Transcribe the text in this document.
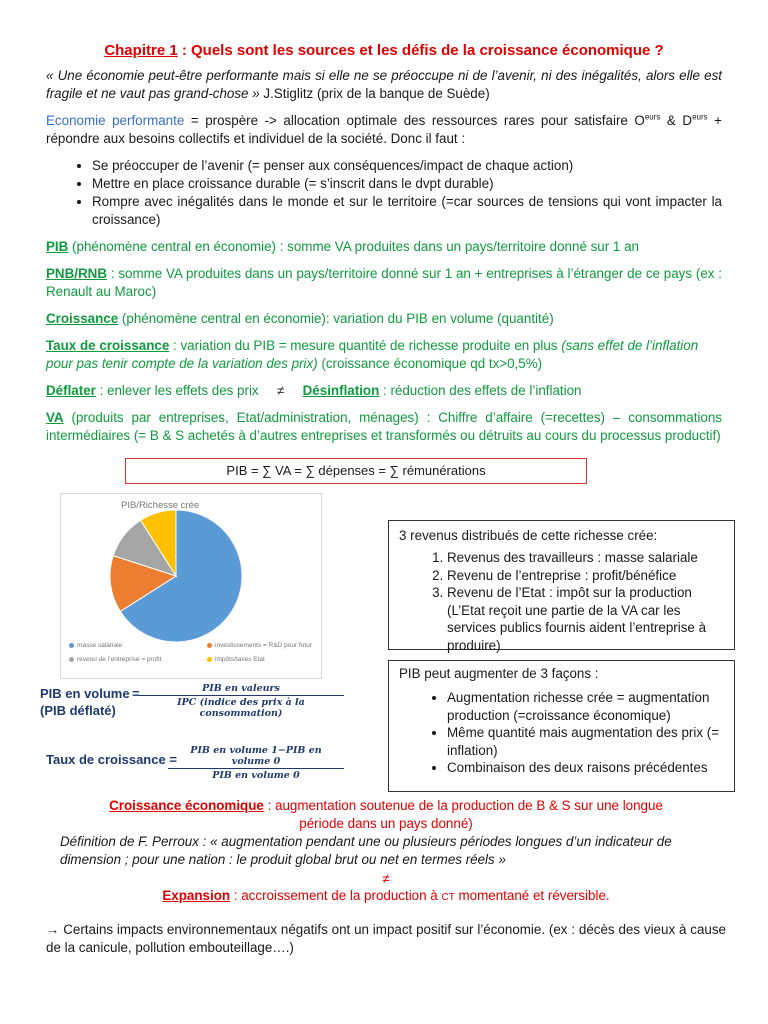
Chapitre 1 : Quels sont les sources et les défis de la croissance économique ?

« Une économie peut-être performante mais si elle ne se préoccupe ni de l’avenir, ni des inégalités, alors elle est fragile et ne vaut pas grand-chose » J.Stiglitz (prix de la banque de Suède)

Economie performante = prospère -> allocation optimale des ressources rares pour satisfaire $O^{eurs}$ & $D^{eurs}$ + répondre aux besoins collectifs et individuel de la société. Donc il faut :

• Se préoccuper de l’avenir (= penser aux conséquences/impact de chaque action)
• Mettre en place croissance durable (= s’inscrit dans le dvpt durable)
• Rompre avec inégalités dans le monde et sur le territoire (=car sources de tensions qui vont impacter la croissance)

PIB (phénomène central en économie) : somme VA produites dans un pays/territoire donné sur 1 an

PNB/RNB : somme VA produites dans un pays/territoire donné sur 1 an + entreprises à l’étranger de ce pays (ex : Renault au Maroc)

Croissance (phénomène central en économie): variation du PIB en volume (quantité)

Taux de croissance : variation du PIB = mesure quantité de richesse produite en plus (sans effet de l’inflation pour pas tenir compte de la variation des prix) (croissance économique qd tx>0,5%)

Déflater : enlever les effets des prix ≠ Désinflation : réduction des effets de l’inflation

VA (produits par entreprises, Etat/administration, ménages) : Chiffre d’affaire (=recettes) – consommations intermédiaires (= B & S achetés à d’autres entreprises et transformés ou détruits au cours du processus productif)

PIB = ∑ VA = ∑ dépenses = ∑ rémunérations
PIB/Richesse crée
masse salariale	investissements = R&D pour futur
revenu de l’entreprise = profit	impôts/taxes Etat
3 revenus distribués de cette richesse crée:
1. Revenus des travailleurs : masse salariale
2. Revenu de l’entreprise : profit/bénéfice
3. Revenu de l’Etat : impôt sur la production
(L’Etat reçoit une partie de la VA car les services publics fournis aident l’entreprise à produire)
PIB peut augmenter de 3 façons :
• Augmentation richesse crée = augmentation production (=croissance économique)
• Même quantité mais augmentation des prix (= inflation)
• Combinaison des deux raisons précédentes
PIB en volume =
(PIB déflaté)
PIB en valeurs
IPC (indice des prix à la consommation)
Taux de croissance =
PIB en volume 1−PIB en volume 0
PIB en volume 0

Croissance économique : augmentation soutenue de la production de B & S sur une longue période dans un pays donné)

Définition de F. Perroux : « augmentation pendant une ou plusieurs périodes longues d’un indicateur de dimension ; pour une nation : le produit global brut ou net en termes réels »

≠

Expansion : accroissement de la production à CT momentané et réversible.

→ Certains impacts environnementaux négatifs ont un impact positif sur l’économie. (ex : décès des vieux à cause de la canicule, pollution embouteillage….)
